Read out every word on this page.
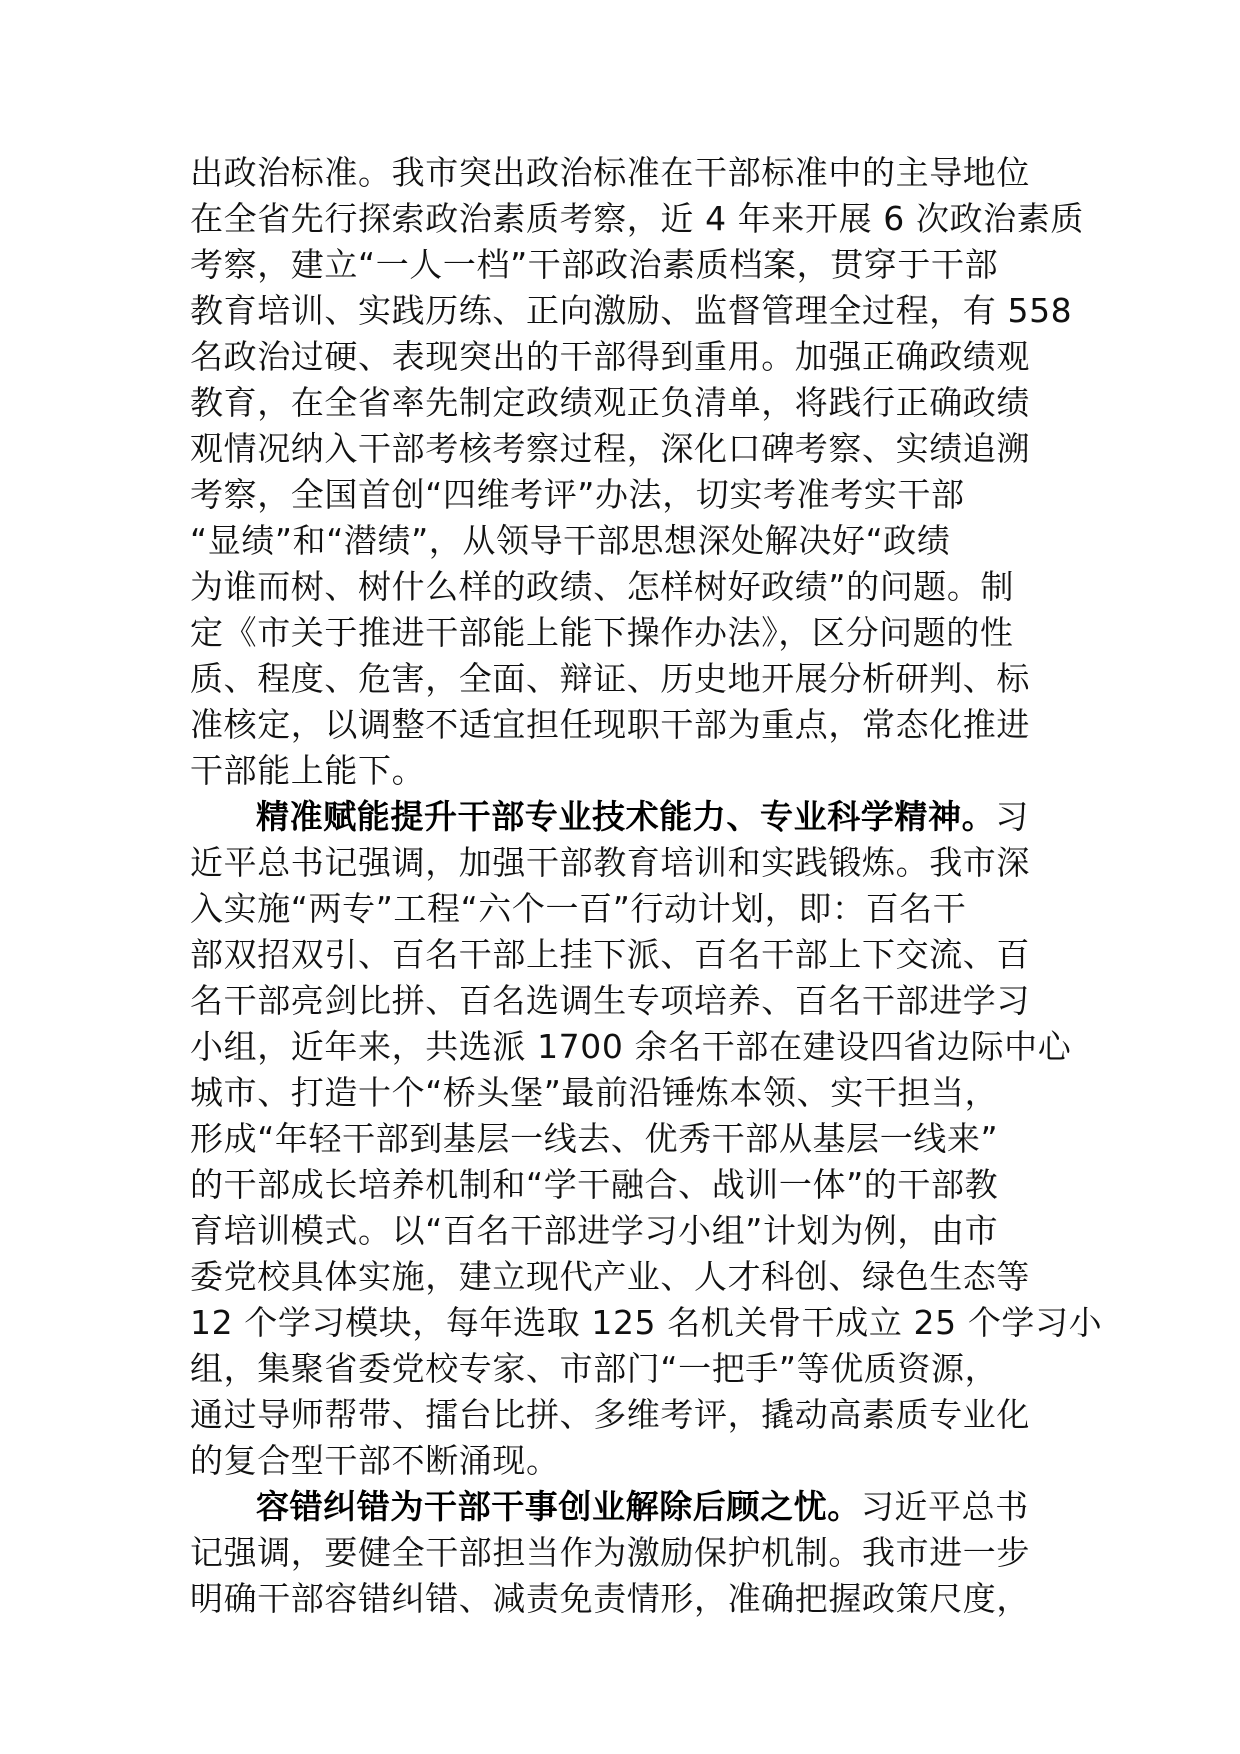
出政治标准。我市突出政治标准在干部标准中的主导地位
在全省先行探索政治素质考察，近 4 年来开展 6 次政治素质
考察，建立“一人一档”干部政治素质档案，贯穿于干部
教育培训、实践历练、正向激励、监督管理全过程，有 558
名政治过硬、表现突出的干部得到重用。加强正确政绩观
教育，在全省率先制定政绩观正负清单，将践行正确政绩
观情况纳入干部考核考察过程，深化口碑考察、实绩追溯
考察，全国首创“四维考评”办法，切实考准考实干部
“显绩”和“潜绩”，从领导干部思想深处解决好“政绩
为谁而树、树什么样的政绩、怎样树好政绩”的问题。制
定《市关于推进干部能上能下操作办法》，区分问题的性
质、程度、危害，全面、辩证、历史地开展分析研判、标
准核定，以调整不适宜担任现职干部为重点，常态化推进
干部能上能下。
精准赋能提升干部专业技术能力、专业科学精神。习
近平总书记强调，加强干部教育培训和实践锻炼。我市深
入实施“两专”工程“六个一百”行动计划，即：百名干
部双招双引、百名干部上挂下派、百名干部上下交流、百
名干部亮剑比拼、百名选调生专项培养、百名干部进学习
小组，近年来，共选派 1700 余名干部在建设四省边际中心
城市、打造十个“桥头堡”最前沿锤炼本领、实干担当，
形成“年轻干部到基层一线去、优秀干部从基层一线来”
的干部成长培养机制和“学干融合、战训一体”的干部教
育培训模式。以“百名干部进学习小组”计划为例，由市
委党校具体实施，建立现代产业、人才科创、绿色生态等
12 个学习模块，每年选取 125 名机关骨干成立 25 个学习小
组，集聚省委党校专家、市部门“一把手”等优质资源，
通过导师帮带、擂台比拼、多维考评，撬动高素质专业化
的复合型干部不断涌现。
容错纠错为干部干事创业解除后顾之忧。习近平总书
记强调，要健全干部担当作为激励保护机制。我市进一步
明确干部容错纠错、减责免责情形，准确把握政策尺度，
